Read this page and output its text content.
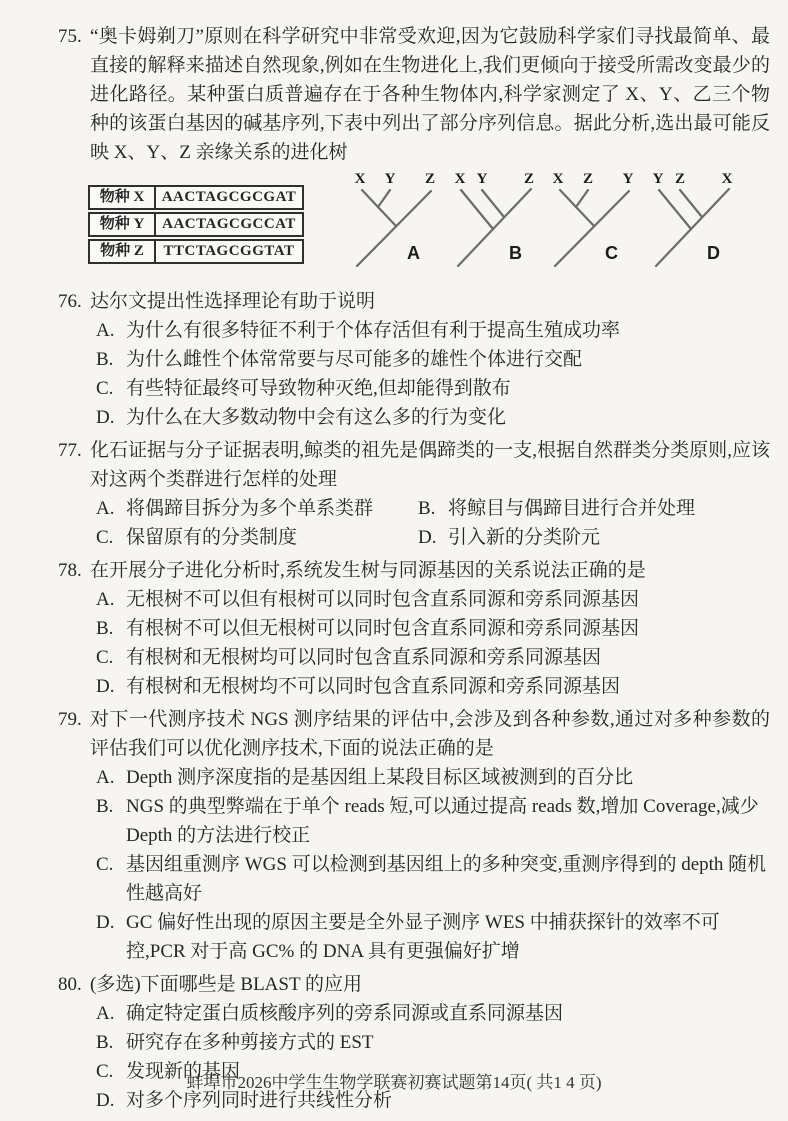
75. “奥卡姆剃刀”原则在科学研究中非常受欢迎,因为它鼓励科学家们寻找最简单、最直接的解释来描述自然现象,例如在生物进化上,我们更倾向于接受所需改变最少的进化路径。某种蛋白质普遍存在于各种生物体内,科学家测定了 X、Y、乙三个物种的该蛋白基因的碱基序列,下表中列出了部分序列信息。据此分析,选出最可能反映 X、Y、Z 亲缘关系的进化树
物种 X	AACTAGCGCGAT
物种 Y	AACTAGCGCCAT
物种 Z	TTCTAGCGGTAT
X Y Z
A
X Y Z
B
X Z Y
C
Y Z X
D
76. 达尔文提出性选择理论有助于说明
A. 为什么有很多特征不利于个体存活但有利于提高生殖成功率
B. 为什么雌性个体常常要与尽可能多的雄性个体进行交配
C. 有些特征最终可导致物种灭绝,但却能得到散布
D. 为什么在大多数动物中会有这么多的行为变化
77. 化石证据与分子证据表明,鲸类的祖先是偶蹄类的一支,根据自然群类分类原则,应该对这两个类群进行怎样的处理
A. 将偶蹄目拆分为多个单系类群 B. 将鲸目与偶蹄目进行合并处理
C. 保留原有的分类制度	D. 引入新的分类阶元
78. 在开展分子进化分析时,系统发生树与同源基因的关系说法正确的是
A. 无根树不可以但有根树可以同时包含直系同源和旁系同源基因
B. 有根树不可以但无根树可以同时包含直系同源和旁系同源基因
C. 有根树和无根树均可以同时包含直系同源和旁系同源基因
D. 有根树和无根树均不可以同时包含直系同源和旁系同源基因
79. 对下一代测序技术 NGS 测序结果的评估中,会涉及到各种参数,通过对多种参数的评估我们可以优化测序技术,下面的说法正确的是
A. Depth 测序深度指的是基因组上某段目标区域被测到的百分比
B. NGS 的典型弊端在于单个 reads 短,可以通过提高 reads 数,增加 Coverage,减少 Depth 的方法进行校正
C. 基因组重测序 WGS 可以检测到基因组上的多种突变,重测序得到的 depth 随机性越高好
D. GC 偏好性出现的原因主要是全外显子测序 WES 中捕获探针的效率不可控,PCR 对于高 GC% 的 DNA 具有更强偏好扩增
80. (多选)下面哪些是 BLAST 的应用
A. 确定特定蛋白质核酸序列的旁系同源或直系同源基因
B. 研究存在多种剪接方式的 EST
C. 发现新的基因
D. 对多个序列同时进行共线性分析
蚌埠市2026中学生生物学联赛初赛试题第14页( 共1 4 页)
